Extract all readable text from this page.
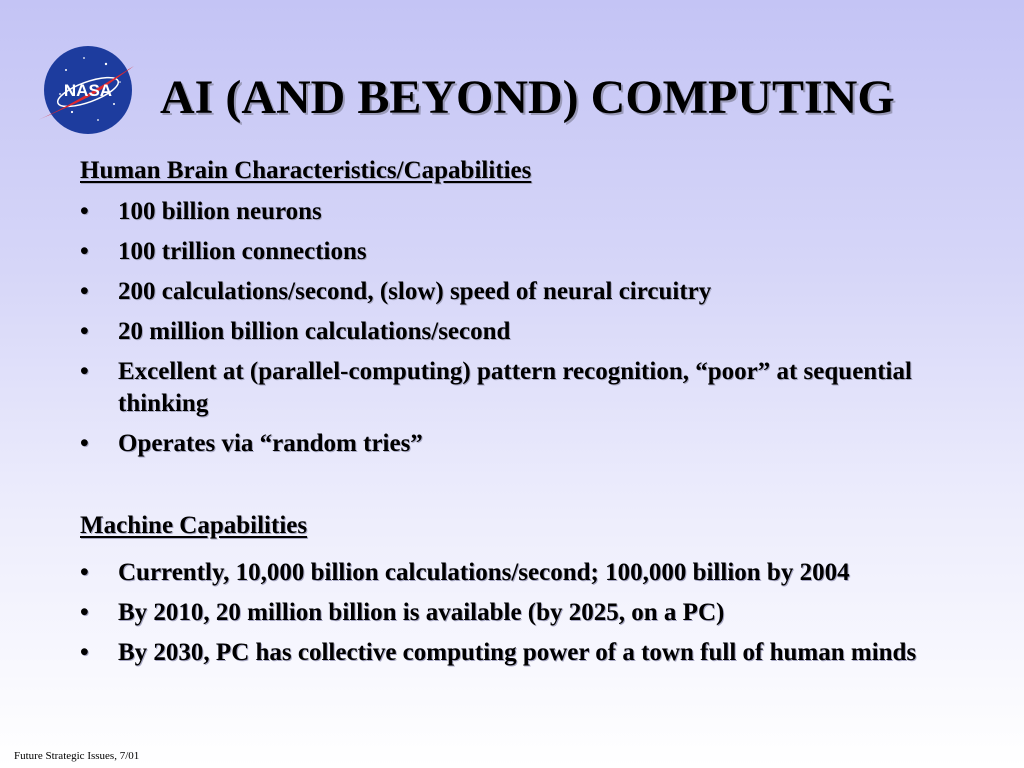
NASA AI (AND BEYOND) COMPUTING
Human Brain Characteristics/Capabilities
• 100 billion neurons
• 100 trillion connections
• 200 calculations/second, (slow) speed of neural circuitry
• 20 million billion calculations/second
• Excellent at (parallel-computing) pattern recognition, “poor” at sequential thinking
• Operates via “random tries”
Machine Capabilities
• Currently, 10,000 billion calculations/second; 100,000 billion by 2004
• By 2010, 20 million billion is available (by 2025, on a PC)
• By 2030, PC has collective computing power of a town full of human minds
Future Strategic Issues, 7/01
